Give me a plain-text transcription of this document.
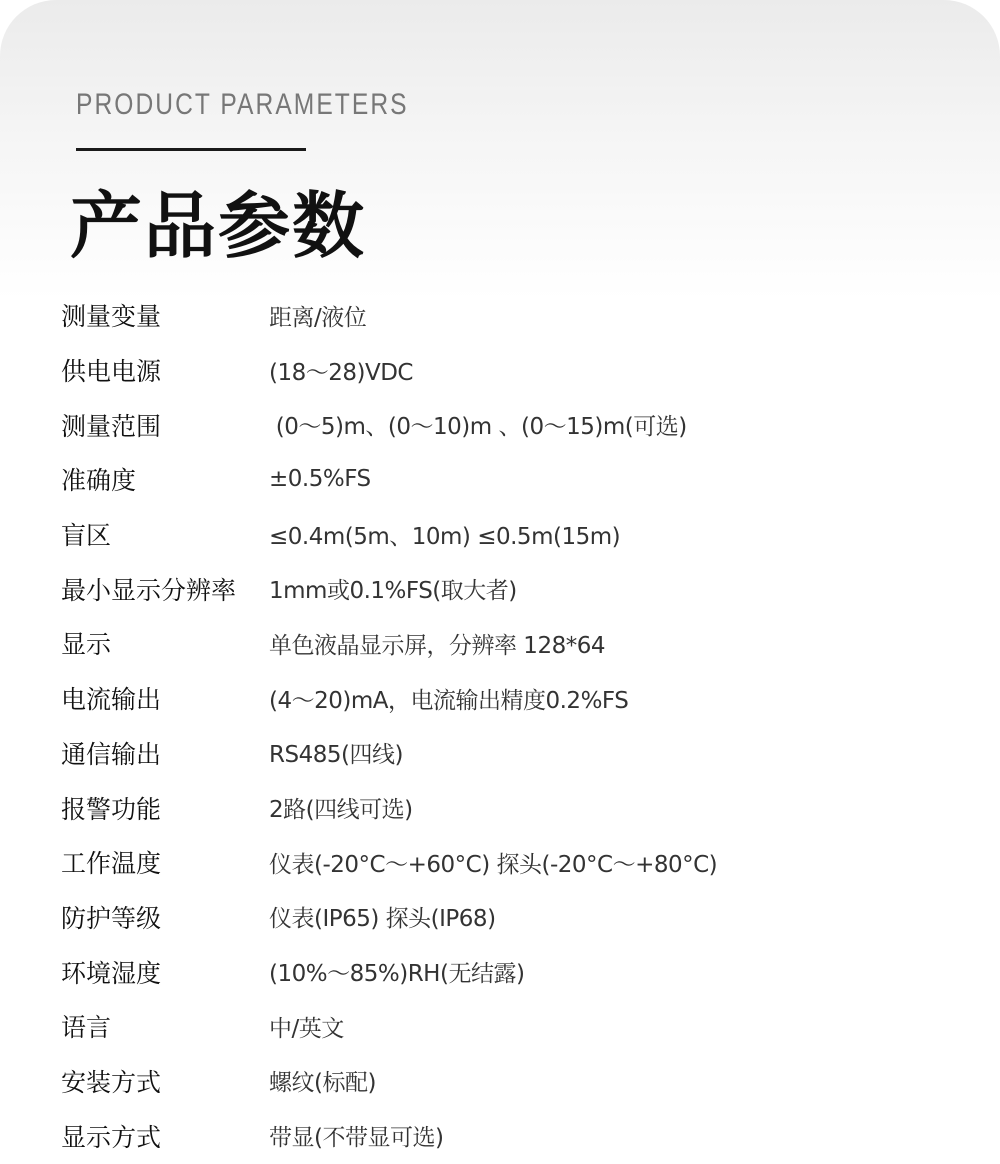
PRODUCT PARAMETERS
产品参数
测量变量	距离/液位
供电电源	(18～28)VDC
测量范围	(0～5)m、(0～10)m 、(0～15)m(可选)
准确度	±0.5%FS
盲区	≤0.4m(5m、10m) ≤0.5m(15m)
最小显示分辨率	1mm或0.1%FS(取大者)
显示	单色液晶显示屏，分辨率 128*64
电流输出	(4～20)mA，电流输出精度0.2%FS
通信输出	RS485(四线)
报警功能	2路(四线可选)
工作温度	仪表(-20°C～+60°C) 探头(-20°C～+80°C)
防护等级	仪表(IP65) 探头(IP68)
环境湿度	(10%～85%)RH(无结露)
语言	中/英文
安装方式	螺纹(标配)
显示方式	带显(不带显可选)
